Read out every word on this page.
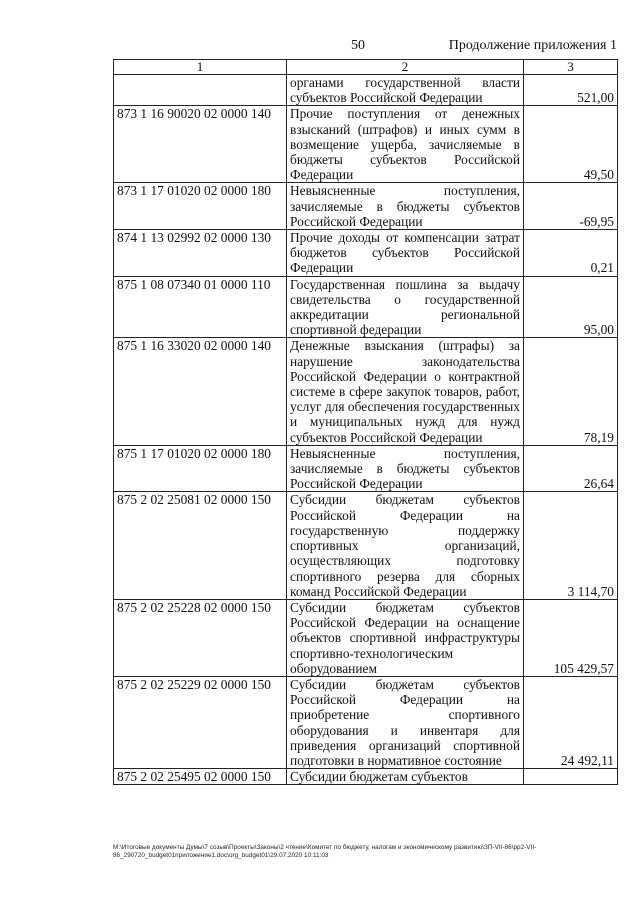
50	Продолжение приложения 1
1	2	3
	органами государственной власти субъектов Российской Федерации	521,00
873 1 16 90020 02 0000 140	Прочие поступления от денежных взысканий (штрафов) и иных сумм в возмещение ущерба, зачисляемые в бюджеты субъектов Российской Федерации	49,50
873 1 17 01020 02 0000 180	Невыясненные поступления, зачисляемые в бюджеты субъектов Российской Федерации	-69,95
874 1 13 02992 02 0000 130	Прочие доходы от компенсации затрат бюджетов субъектов Российской Федерации	0,21
875 1 08 07340 01 0000 110	Государственная пошлина за выдачу свидетельства о государственной аккредитации региональной спортивной федерации	95,00
875 1 16 33020 02 0000 140	Денежные взыскания (штрафы) за нарушение законодательства Российской Федерации о контрактной системе в сфере закупок товаров, работ, услуг для обеспечения государственных и муниципальных нужд для нужд субъектов Российской Федерации	78,19
875 1 17 01020 02 0000 180	Невыясненные поступления, зачисляемые в бюджеты субъектов Российской Федерации	26,64
875 2 02 25081 02 0000 150	Субсидии бюджетам субъектов Российской Федерации на государственную поддержку спортивных организаций, осуществляющих подготовку спортивного резерва для сборных команд Российской Федерации	3 114,70
875 2 02 25228 02 0000 150	Субсидии бюджетам субъектов Российской Федерации на оснащение объектов спортивной инфраструктуры спортивно-технологическим оборудованием	105 429,57
875 2 02 25229 02 0000 150	Субсидии бюджетам субъектов Российской Федерации на приобретение спортивного оборудования и инвентаря для приведения организаций спортивной подготовки в нормативное состояние	24 492,11
875 2 02 25495 02 0000 150	Субсидии бюджетам субъектов	
M:\Итоговые документы Думы\7 созыв\Проекты\Законы\2 чтение\Комитет по бюджету, налогам и экономическому развитию\ЗП-VII-86\pp2-VII-86_290720_budget01приложение1.doc\org_budget01\29.07.2020 10:11:03
